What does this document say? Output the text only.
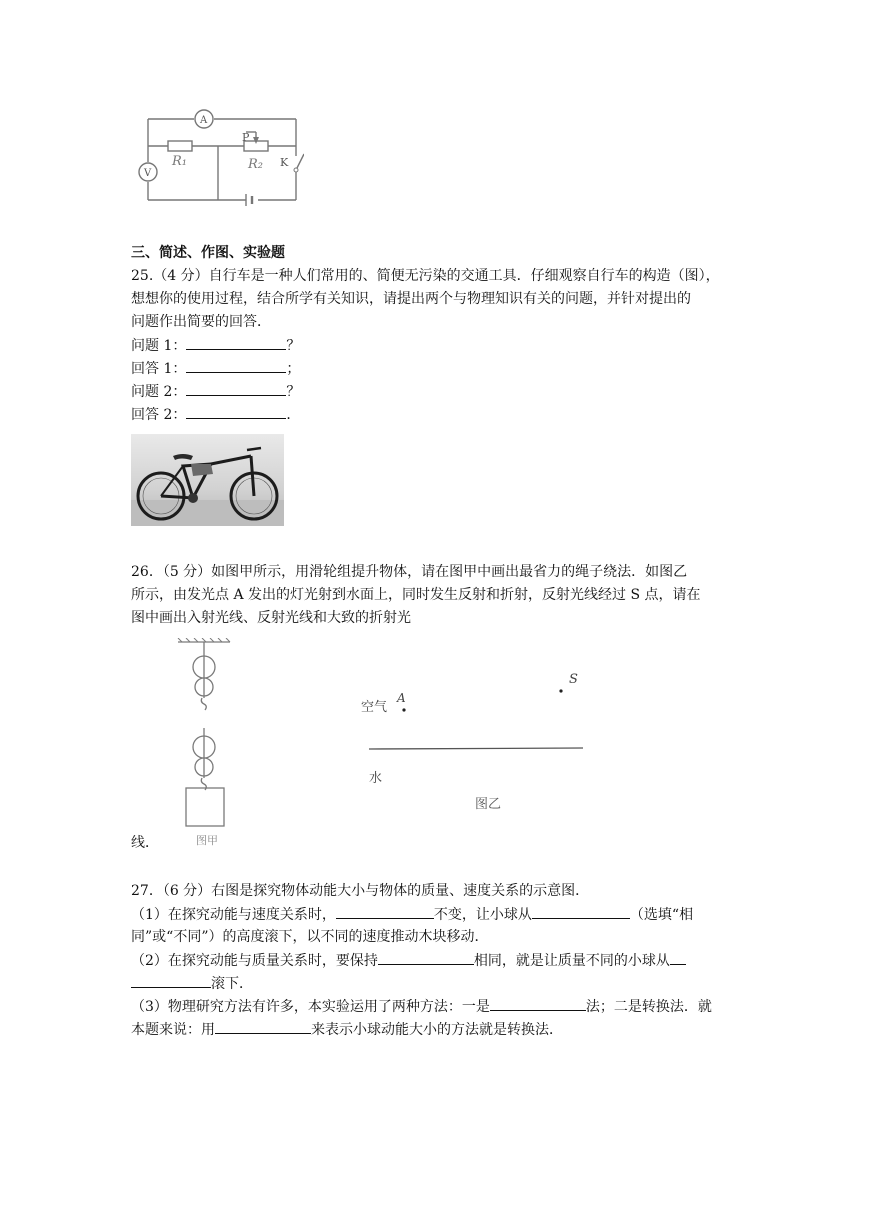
A
V
R₁	R₂
P
K
三、简述、作图、实验题
25.（4 分）自行车是一种人们常用的、简便无污染的交通工具．仔细观察自行车的构造（图），
想想你的使用过程，结合所学有关知识，请提出两个与物理知识有关的问题，并针对提出的
问题作出简要的回答．
问题 1：	？
回答 1：	；
问题 2：	？
回答 2：	．
26．（5 分）如图甲所示，用滑轮组提升物体，请在图甲中画出最省力的绳子绕法．如图乙
所示，由发光点 A 发出的灯光射到水面上，同时发生反射和折射，反射光线经过 S 点，请在
图中画出入射光线、反射光线和大致的折射光
图甲
空气
A
S
水
图乙
线．
27．（6 分）右图是探究物体动能大小与物体的质量、速度关系的示意图．
（1）在探究动能与速度关系时，	不变，让小球从	（选填“相
同”或“不同”）的高度滚下，以不同的速度推动木块移动．
（2）在探究动能与质量关系时，要保持	相同，就是让质量不同的小球从
滚下．
（3）物理研究方法有许多，本实验运用了两种方法：一是	法；二是转换法．就
本题来说：用	来表示小球动能大小的方法就是转换法．
